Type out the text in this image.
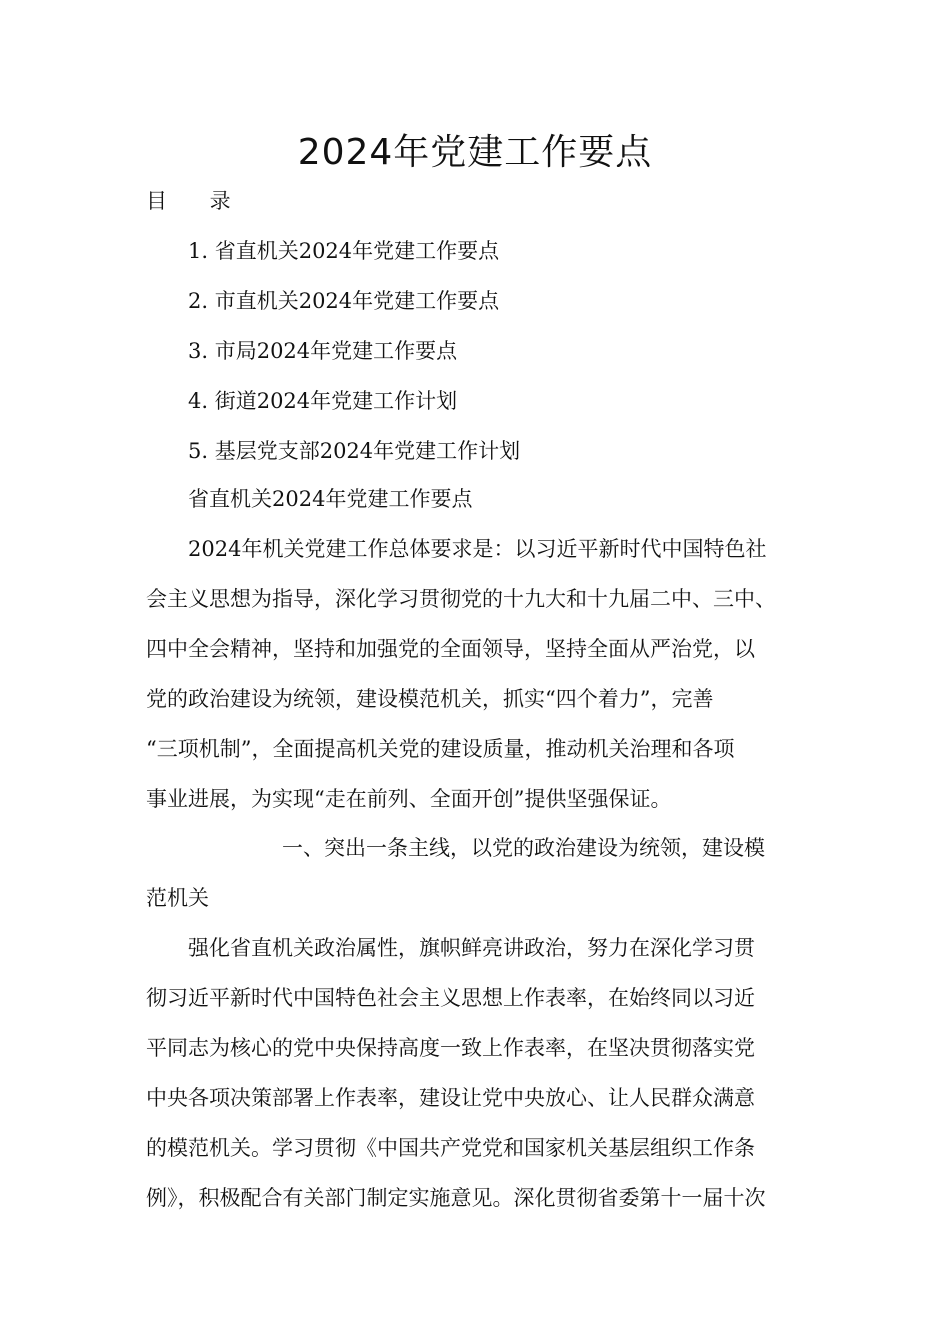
2024年党建工作要点
目 录
1. 省直机关2024年党建工作要点
2. 市直机关2024年党建工作要点
3. 市局2024年党建工作要点
4. 街道2024年党建工作计划
5. 基层党支部2024年党建工作计划
省直机关2024年党建工作要点
2024年机关党建工作总体要求是：以习近平新时代中国特色社
会主义思想为指导，深化学习贯彻党的十九大和十九届二中、三中、
四中全会精神，坚持和加强党的全面领导，坚持全面从严治党，以
党的政治建设为统领，建设模范机关，抓实“四个着力”，完善
“三项机制”，全面提高机关党的建设质量，推动机关治理和各项
事业进展，为实现“走在前列、全面开创”提供坚强保证。
一、突出一条主线，以党的政治建设为统领，建设模
范机关
强化省直机关政治属性，旗帜鲜亮讲政治，努力在深化学习贯
彻习近平新时代中国特色社会主义思想上作表率，在始终同以习近
平同志为核心的党中央保持高度一致上作表率，在坚决贯彻落实党
中央各项决策部署上作表率，建设让党中央放心、让人民群众满意
的模范机关。学习贯彻《中国共产党党和国家机关基层组织工作条
例》，积极配合有关部门制定实施意见。深化贯彻省委第十一届十次
